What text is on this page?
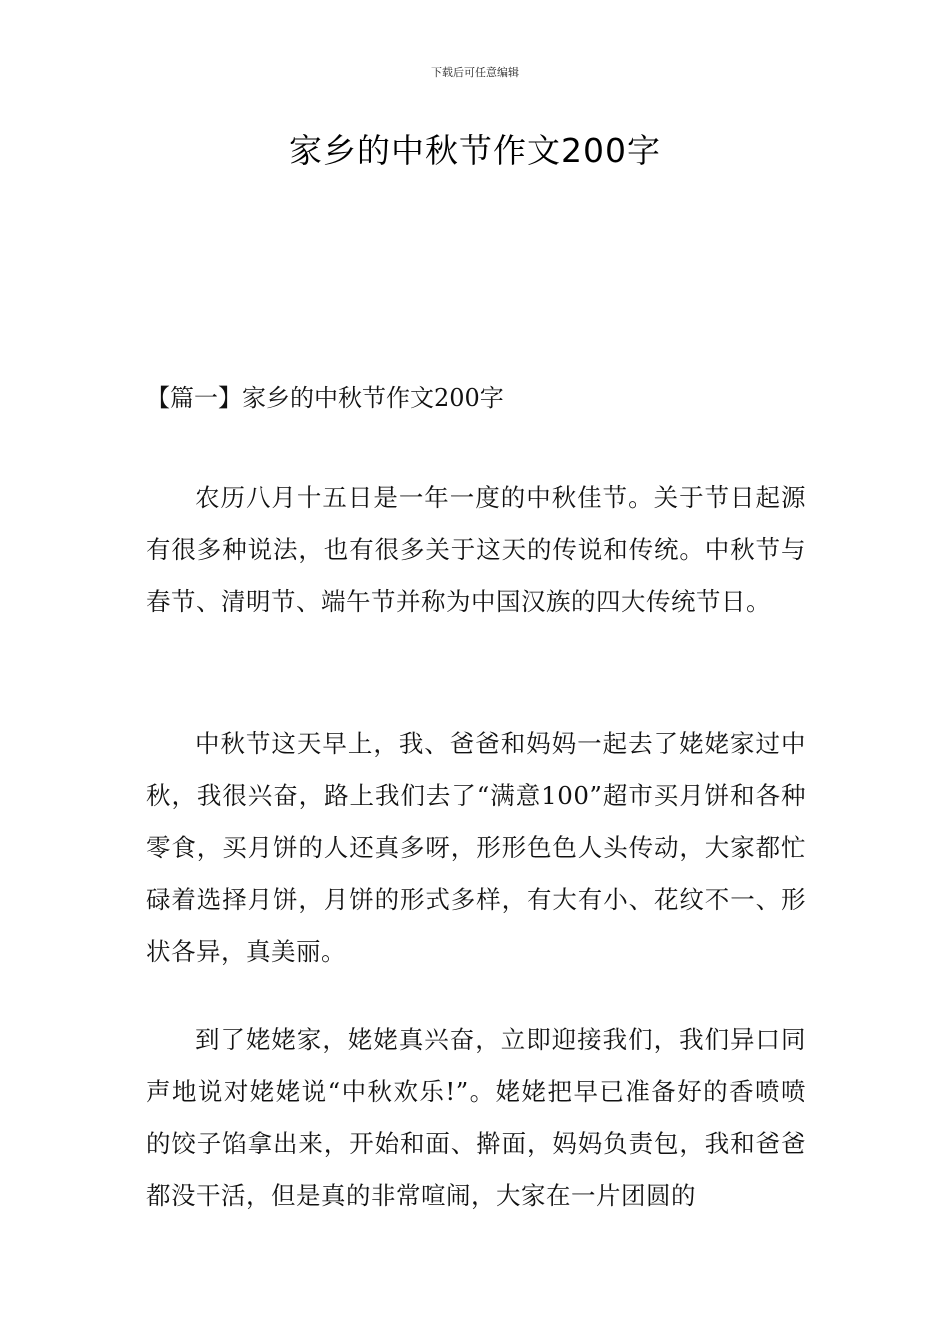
下载后可任意编辑
家乡的中秋节作文200字
【篇一】家乡的中秋节作文200字

农历八月十五日是一年一度的中秋佳节。关于节日起源有很多种说法，也有很多关于这天的传说和传统。中秋节与春节、清明节、端午节并称为中国汉族的四大传统节日。

中秋节这天早上，我、爸爸和妈妈一起去了姥姥家过中秋，我很兴奋，路上我们去了“满意100”超市买月饼和各种零食，买月饼的人还真多呀，形形色色人头传动，大家都忙碌着选择月饼，月饼的形式多样，有大有小、花纹不一、形状各异，真美丽。

到了姥姥家，姥姥真兴奋，立即迎接我们，我们异口同声地说对姥姥说“中秋欢乐!”。姥姥把早已准备好的香喷喷的饺子馅拿出来，开始和面、擀面，妈妈负责包，我和爸爸都没干活，但是真的非常喧闹，大家在一片团圆的
